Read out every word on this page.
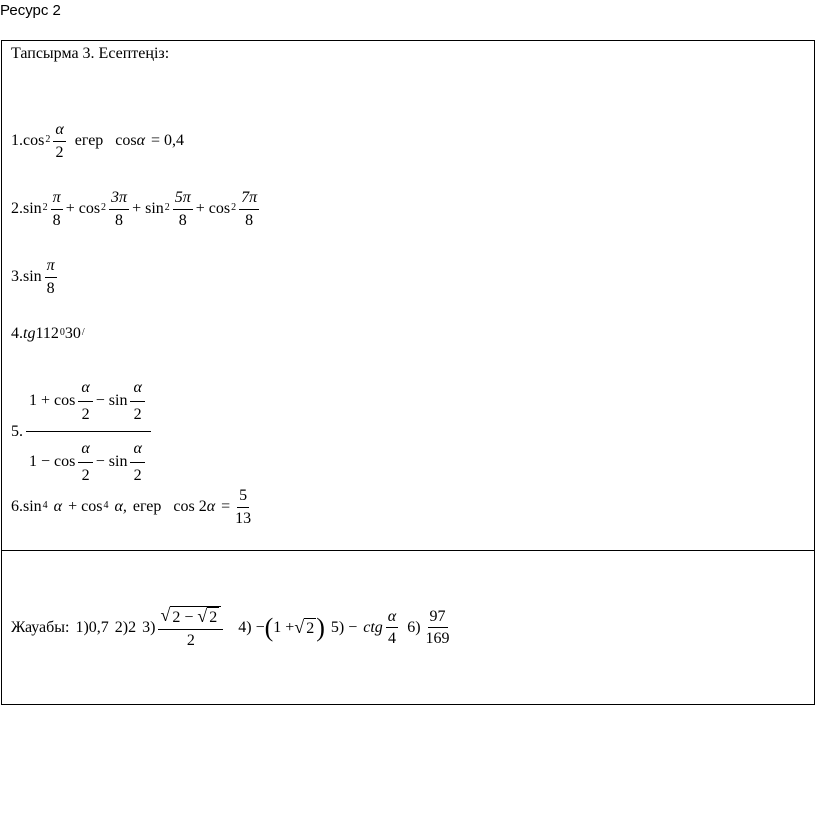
Ресурс 2
Тапсырма 3. Есептеңіз:
1. $\cos^2 \frac{\alpha}{2}$ егер cos α = 0,4
2. $\sin^2 \frac{\pi}{8} + \cos^2 \frac{3\pi}{8} + \sin^2 \frac{5\pi}{8} + \cos^2 \frac{7\pi}{8}$
3. $\sin \frac{\pi}{8}$
4. tg $112^0$ 30/
5.
$1 + \cos \frac{\alpha}{2} - \sin \frac{\alpha}{2}$
$1 - \cos \frac{\alpha}{2} - \sin \frac{\alpha}{2}$
6. $\sin^4 \alpha + \cos^4 \alpha$, егер cos 2 $\alpha = \frac{5}{13}$
Жауабы: 1)0,7 2)2 $3) \frac{√ 2 - √ 2}{2} 4$) − ( 1 + √ 2 ) 5) − ctg $\frac{\alpha}{4} 6) \frac{97}{169}$
